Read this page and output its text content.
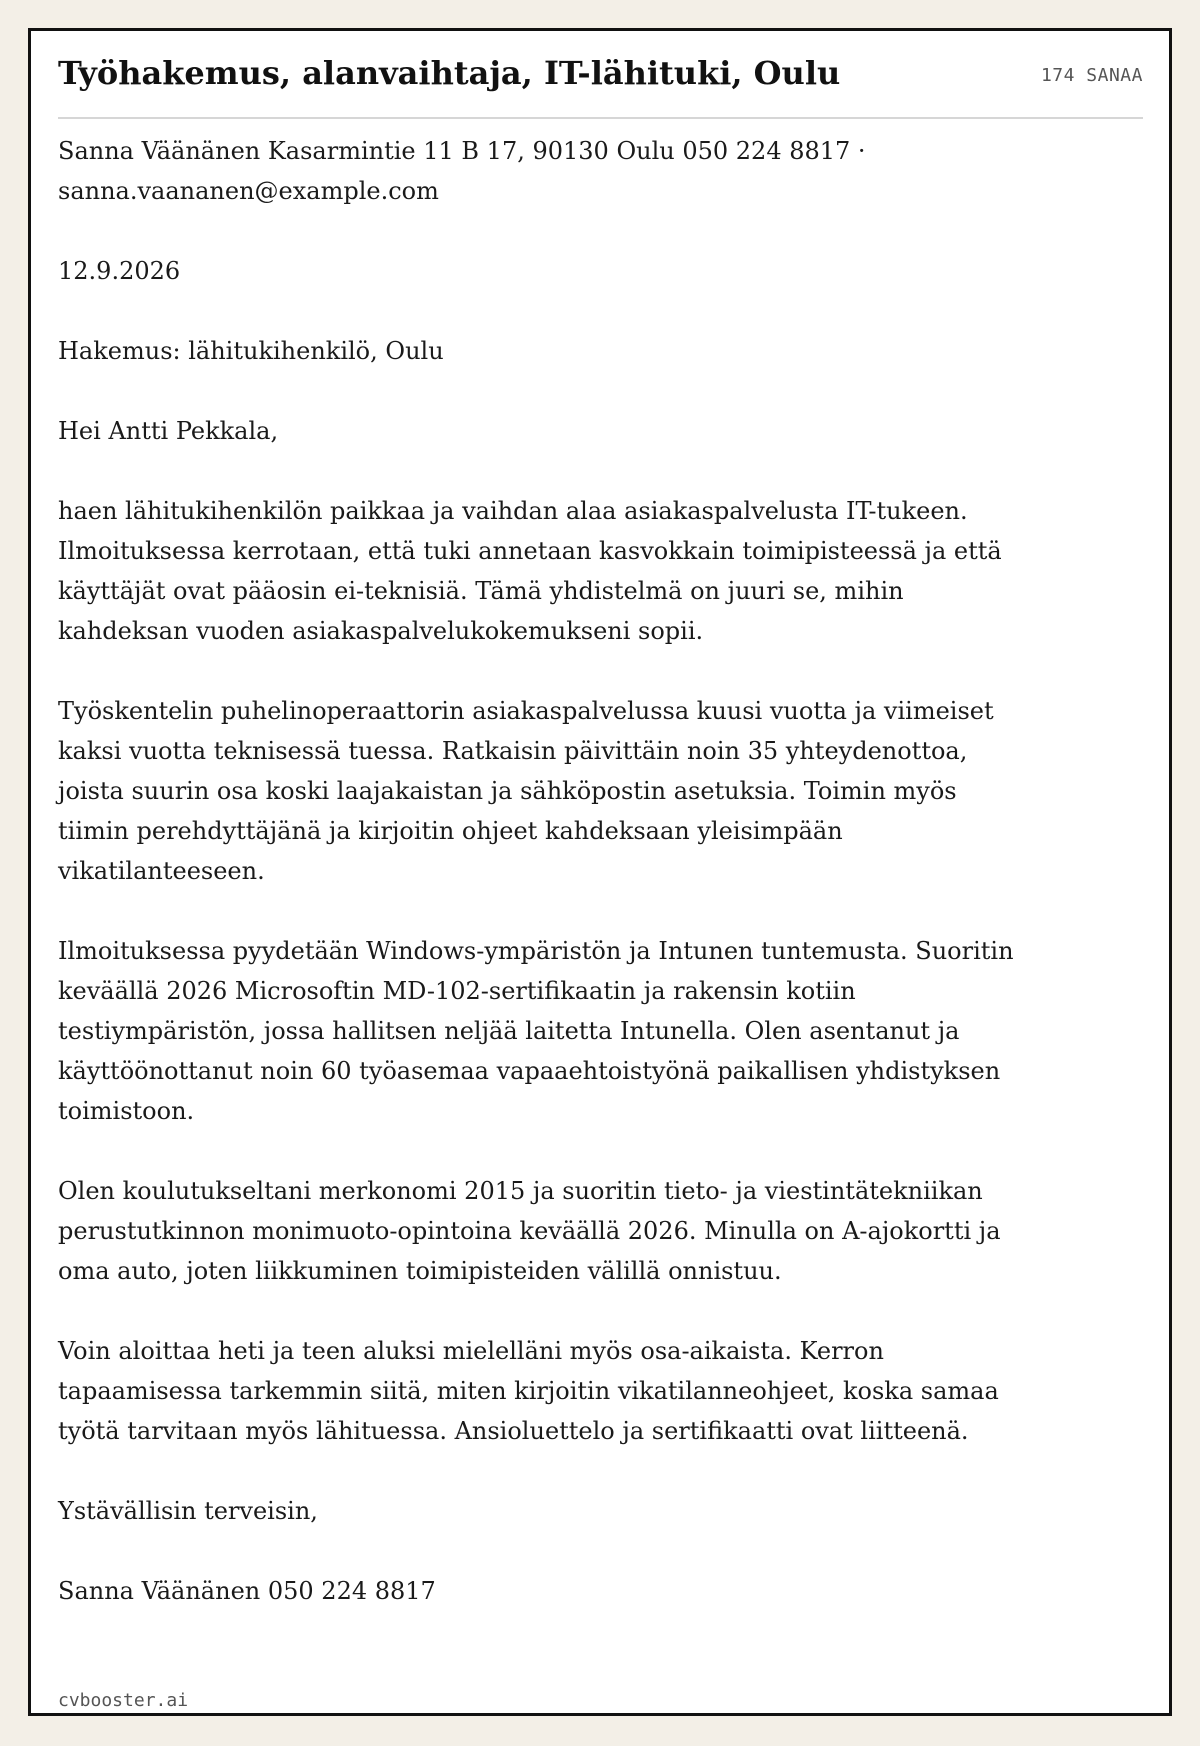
Työhakemus, alanvaihtaja, IT-lähituki, Oulu	174 SANAA

Sanna Väänänen Kasarmintie 11 B 17, 90130 Oulu 050 224 8817 · sanna.vaananen@example.com

12.9.2026

Hakemus: lähitukihenkilö, Oulu

Hei Antti Pekkala,

haen lähitukihenkilön paikkaa ja vaihdan alaa asiakaspalvelusta IT-tukeen. Ilmoituksessa kerrotaan, että tuki annetaan kasvokkain toimipisteessä ja että käyttäjät ovat pääosin ei-teknisiä. Tämä yhdistelmä on juuri se, mihin kahdeksan vuoden asiakaspalvelukokemukseni sopii.

Työskentelin puhelinoperaattorin asiakaspalvelussa kuusi vuotta ja viimeiset kaksi vuotta teknisessä tuessa. Ratkaisin päivittäin noin 35 yhteydenottoa, joista suurin osa koski laajakaistan ja sähköpostin asetuksia. Toimin myös tiimin perehdyttäjänä ja kirjoitin ohjeet kahdeksaan yleisimpään vikatilanteeseen.

Ilmoituksessa pyydetään Windows-ympäristön ja Intunen tuntemusta. Suoritin keväällä 2026 Microsoftin MD-102-sertifikaatin ja rakensin kotiin testiympäristön, jossa hallitsen neljää laitetta Intunella. Olen asentanut ja käyttöönottanut noin 60 työasemaa vapaaehtoistyönä paikallisen yhdistyksen toimistoon.

Olen koulutukseltani merkonomi 2015 ja suoritin tieto- ja viestintätekniikan perustutkinnon monimuoto-opintoina keväällä 2026. Minulla on A-ajokortti ja oma auto, joten liikkuminen toimipisteiden välillä onnistuu.

Voin aloittaa heti ja teen aluksi mielelläni myös osa-aikaista. Kerron tapaamisessa tarkemmin siitä, miten kirjoitin vikatilanneohjeet, koska samaa työtä tarvitaan myös lähituessa. Ansioluettelo ja sertifikaatti ovat liitteenä.

Ystävällisin terveisin,

Sanna Väänänen 050 224 8817

cvbooster.ai
